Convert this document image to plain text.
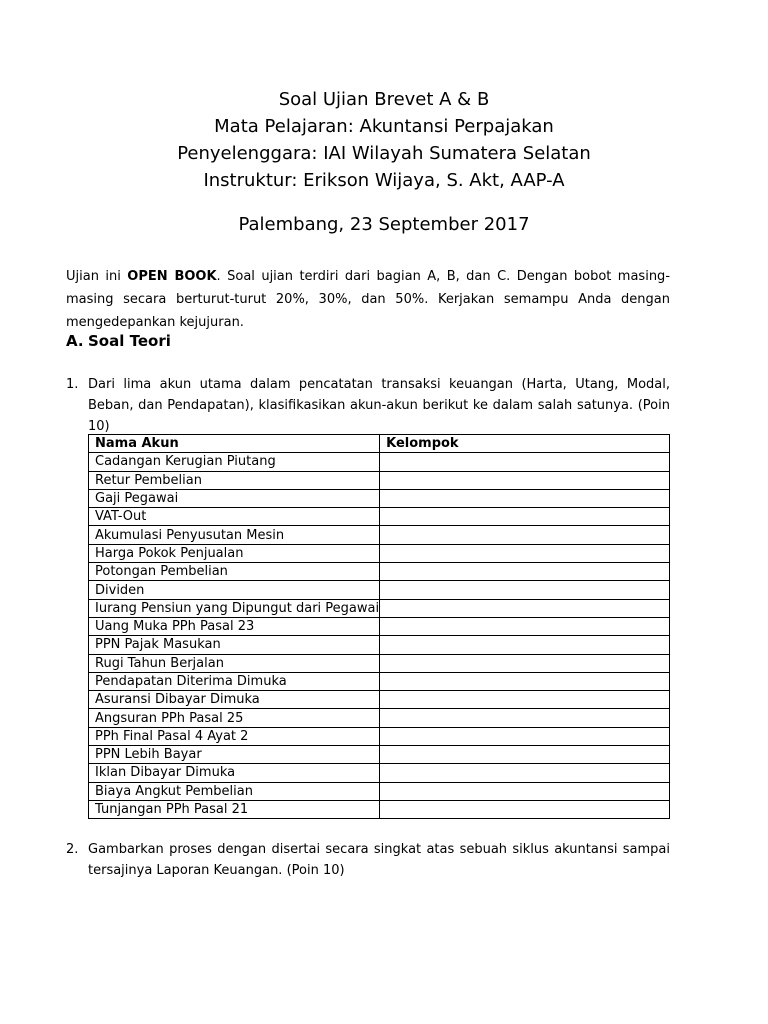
Soal Ujian Brevet A & B
Mata Pelajaran: Akuntansi Perpajakan
Penyelenggara: IAI Wilayah Sumatera Selatan
Instruktur: Erikson Wijaya, S. Akt, AAP-A
Palembang, 23 September 2017
Ujian ini OPEN BOOK. Soal ujian terdiri dari bagian A, B, dan C. Dengan bobot masing-masing secara berturut-turut 20%, 30%, dan 50%. Kerjakan semampu Anda dengan mengedepankan kejujuran.
A. Soal Teori
1. Dari lima akun utama dalam pencatatan transaksi keuangan (Harta, Utang, Modal, Beban, dan Pendapatan), klasifikasikan akun-akun berikut ke dalam salah satunya. (Poin 10)
Nama Akun	Kelompok
Cadangan Kerugian Piutang	
Retur Pembelian	
Gaji Pegawai	
VAT-Out	
Akumulasi Penyusutan Mesin	
Harga Pokok Penjualan	
Potongan Pembelian	
Dividen	
Iurang Pensiun yang Dipungut dari Pegawai	
Uang Muka PPh Pasal 23	
PPN Pajak Masukan	
Rugi Tahun Berjalan	
Pendapatan Diterima Dimuka	
Asuransi Dibayar Dimuka	
Angsuran PPh Pasal 25	
PPh Final Pasal 4 Ayat 2	
PPN Lebih Bayar	
Iklan Dibayar Dimuka	
Biaya Angkut Pembelian	
Tunjangan PPh Pasal 21	
2. Gambarkan proses dengan disertai secara singkat atas sebuah siklus akuntansi sampai tersajinya Laporan Keuangan. (Poin 10)
